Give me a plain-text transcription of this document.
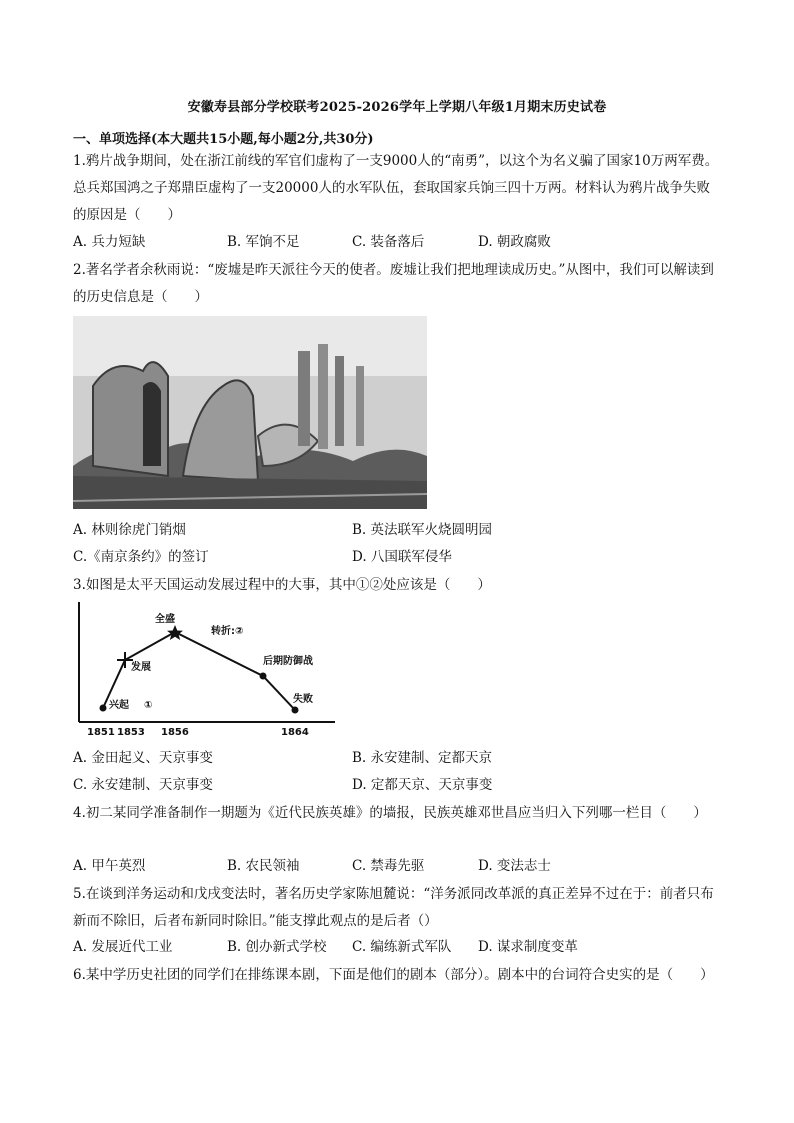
安徽寿县部分学校联考2025-2026学年上学期八年级1月期末历史试卷
一、单项选择(本大题共15小题,每小题2分,共30分)
1.鸦片战争期间，处在浙江前线的军官们虚构了一支9000人的“南勇”，以这个为名义骗了国家10万两军费。总兵郑国鸿之子郑鼎臣虚构了一支20000人的水军队伍，套取国家兵饷三四十万两。材料认为鸦片战争失败的原因是（　　）
A. 兵力短缺	B. 军饷不足	C. 装备落后	D. 朝政腐败
2.著名学者余秋雨说：“废墟是昨天派往今天的使者。废墟让我们把地理读成历史。”从图中，我们可以解读到的历史信息是（　　）
A. 林则徐虎门销烟	B. 英法联军火烧圆明园
C.《南京条约》的签订	D. 八国联军侵华
3.如图是太平天国运动发展过程中的大事，其中①②处应该是（　　）
兴起 ①
发展
全盛
转折:②
后期防御战
失败
1851 1853 1856	1864
A. 金田起义、天京事变	B. 永安建制、定都天京
C. 永安建制、天京事变	D. 定都天京、天京事变
4.初二某同学准备制作一期题为《近代民族英雄》的墙报，民族英雄邓世昌应当归入下列哪一栏目（　　）
A. 甲午英烈	B. 农民领袖	C. 禁毒先驱	D. 变法志士
5.在谈到洋务运动和戊戌变法时，著名历史学家陈旭麓说：“洋务派同改革派的真正差异不过在于：前者只布新而不除旧，后者布新同时除旧。”能支撑此观点的是后者（）
A. 发展近代工业	B. 创办新式学校 C. 编练新式军队 D. 谋求制度变革
6.某中学历史社团的同学们在排练课本剧，下面是他们的剧本（部分）。剧本中的台词符合史实的是（　　）
